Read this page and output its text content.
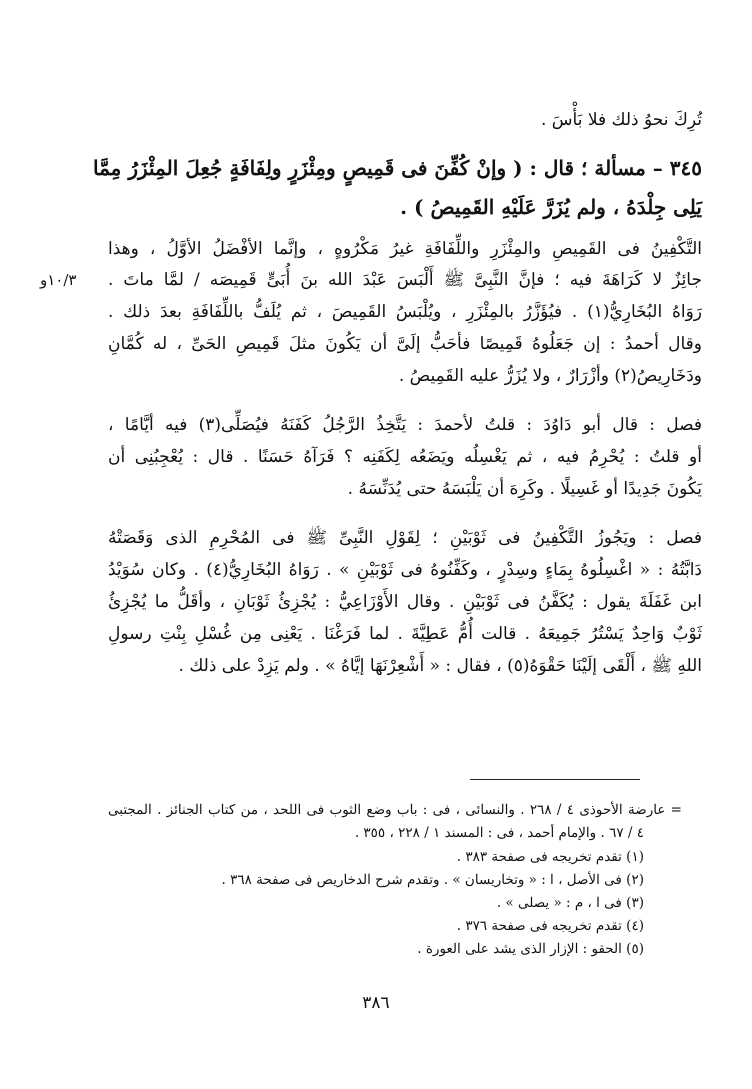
تُرِكَ نحوُ ذلك فلا بَأْسَ .
٣٤٥ – مسألة ؛ قال : ( وإنْ كُفِّنَ فى قَمِيصٍ ومِئْزَرٍ ولِفَافَةٍ جُعِلَ المِئْزَرُ مِمَّا
يَلِى جِلْدَهُ ، ولم يُزَرَّ عَلَيْهِ القَمِيصُ ) .
التَّكْفِينُ فى القَمِيصِ والمِئْزَرِ واللِّفَافَةِ غيرُ مَكْرُوهٍ ، وإنَّما الأفْضَلُ الأوَّلُ ، وهذا
جائِزٌ لا كَرَاهَةَ فيه ؛ فإنَّ النَّبِىَّ ﷺ أَلْبَسَ عَبْدَ الله بنَ أُبَىٍّ قَمِيصَه / لمَّا ماتَ .
١٠/٣و
رَوَاهُ البُخَارِيُّ(١) . فيُؤَزَّرُ بالمِئْزَرِ ، ويُلْبَسُ القَمِيصَ ، ثم يُلَفُّ باللِّفَافَةِ بعدَ ذلك .
وقال أحمدُ : إن جَعَلُوهُ قَمِيصًا فأحَبُّ إلَىَّ أن يَكُونَ مثلَ قَمِيصِ الحَىِّ ، له كُمَّانِ
ودَخَارِيصُ(٢) وأزْرَارٌ ، ولا يُزَرُّ عليه القَمِيصُ .
فصل : قال أبو دَاوُدَ : قلتُ لأحمدَ : يَتَّخِذُ الرَّجُلُ كَفَنَهُ فيُصَلِّى(٣) فيه أيَّامًا ،
أو قلتُ : يُحْرِمُ فيه ، ثم يَغْسِلُه ويَضَعُه لِكَفَنِه ؟ فَرَآهُ حَسَنًا . قال : يُعْجِبُنِى أن
يَكُونَ جَدِيدًا أو غَسِيلًا . وكَرِهَ أن يَلْبَسَهُ حتى يُدَنِّسَهُ .
فصل : ويَجُوزُ التَّكْفِينُ فى ثَوْبَيْنِ ؛ لِقَوْلِ النَّبِىِّ ﷺ فى المُحْرِمِ الذى وَقَصَتْهُ
دَابَّتُهُ : « اغْسِلُوهُ بِمَاءٍ وسِدْرٍ ، وكَفِّنُوهُ فى ثَوْبَيْنِ » . رَوَاهُ البُخَارِيُّ(٤) . وكان سُوَيْدُ
ابن غَفَلَةَ يقول : يُكَفَّنُ فى ثَوْبَيْنِ . وقال الأَوْزَاعِيُّ : يُجْزِئُ ثَوْبَانِ ، وأقَلُّ ما يُجْزِئُ
ثَوْبٌ وَاحِدٌ يَسْتُرُ جَمِيعَهُ . قالت أُمُّ عَطِيَّةَ . لما فَرَغْنَا . يَعْنِى مِن غُسْلِ بِنْتِ رسولِ
اللهِ ﷺ ، أَلْقَى إلَيْنَا حَقْوَهُ(٥) ، فقال : « أَشْعِرْنَهَا إيَّاهُ » . ولم يَزِدْ على ذلك .
= عارضة الأحوذى ٤ / ٢٦٨ . والنسائى ، فى : باب وضع الثوب فى اللحد ، من كتاب الجنائز . المجتبى
٤ / ٦٧ . والإمام أحمد ، فى : المسند ١ / ٢٢٨ ، ٣٥٥ .
(١) تقدم تخريجه فى صفحة ٣٨٣ .
(٢) فى الأصل ، ا : « وتخاريسان » . وتقدم شرح الدخاريص فى صفحة ٣٦٨ .
(٣) فى ا ، م : « يصلى » .
(٤) تقدم تخريجه فى صفحة ٣٧٦ .
(٥) الحقو : الإزار الذى يشد على العورة .
٣٨٦
